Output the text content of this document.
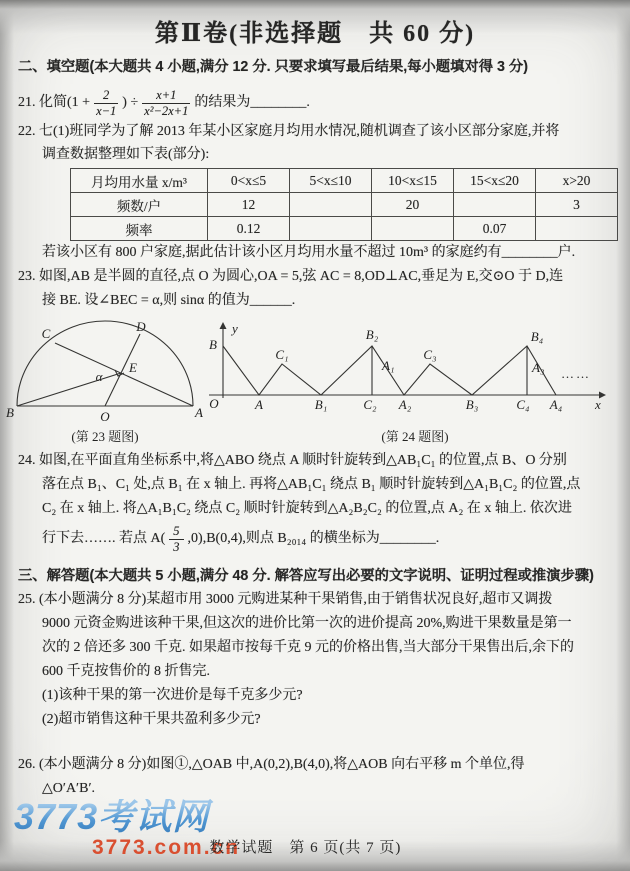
第Ⅱ卷(非选择题　共 60 分)
二、填空题(本大题共 4 小题,满分 12 分. 只要求填写最后结果,每小题填对得 3 分)
21. 化简($1 + \frac{2}{x-1}$ ) ÷ $\frac{x+1}{\text{x²−2x+1}}$ 的结果为________.
22. 七(1)班同学为了解 2013 年某小区家庭月均用水情况,随机调查了该小区部分家庭,并将
调查数据整理如下表(部分):
月均用水量 x/m³	0<x≤5	5<x≤10	10<x≤15	15<x≤20	x>20
频数/户	12		20		3
频率	0.12			0.07	
若该小区有 800 户家庭,据此估计该小区月均用水量不超过 10m³ 的家庭约有________户.
23. 如图,AB 是半圆的直径,点 O 为圆心,OA = 5,弦 AC = 8,OD⊥AC,垂足为 E,交⊙O 于 D,连
接 BE. 设∠BEC = α,则 sinα 的值为______.
B	O	A
C	D
E
α
(第 23 题图)
y
x
O
B
A
C₁
B₁
B₂
A₁
C₂ A₂
C₃
B₃
B₄
A₃
C₄ A₄
……
(第 24 题图)
24. 如图,在平面直角坐标系中,将△ABO 绕点 A 顺时针旋转到△AB₁C₁ 的位置,点 B、O 分别
落在点 B₁、C₁ 处,点 B₁ 在 x 轴上. 再将△AB₁C₁ 绕点 B₁ 顺时针旋转到△A₁B₁C₂ 的位置,点
C₂ 在 x 轴上. 将△A₁B₁C₂ 绕点 C₂ 顺时针旋转到△A₂B₂C₂ 的位置,点 A₂ 在 x 轴上. 依次进
行下去……. 若点 $A( \frac{5}{3} ,0),B(0,4)$,则点 B₂₀₁₄ 的横坐标为________.
三、解答题(本大题共 5 小题,满分 48 分. 解答应写出必要的文字说明、证明过程或推演步骤)
25. (本小题满分 8 分)某超市用 3000 元购进某种干果销售,由于销售状况良好,超市又调拨
9000 元资金购进该种干果,但这次的进价比第一次的进价提高 20%,购进干果数量是第一
次的 2 倍还多 300 千克. 如果超市按每千克 9 元的价格出售,当大部分干果售出后,余下的
600 千克按售价的 8 折售完.
(1)该种干果的第一次进价是每千克多少元?
(2)超市销售这种干果共盈利多少元?
26. (本小题满分 8 分)如图①,△OAB 中,A(0,2),B(4,0),将△AOB 向右平移 m 个单位,得
△O′A′B′.
3773考试网
3773.com.cn
数学试题　第 6 页(共 7 页)
